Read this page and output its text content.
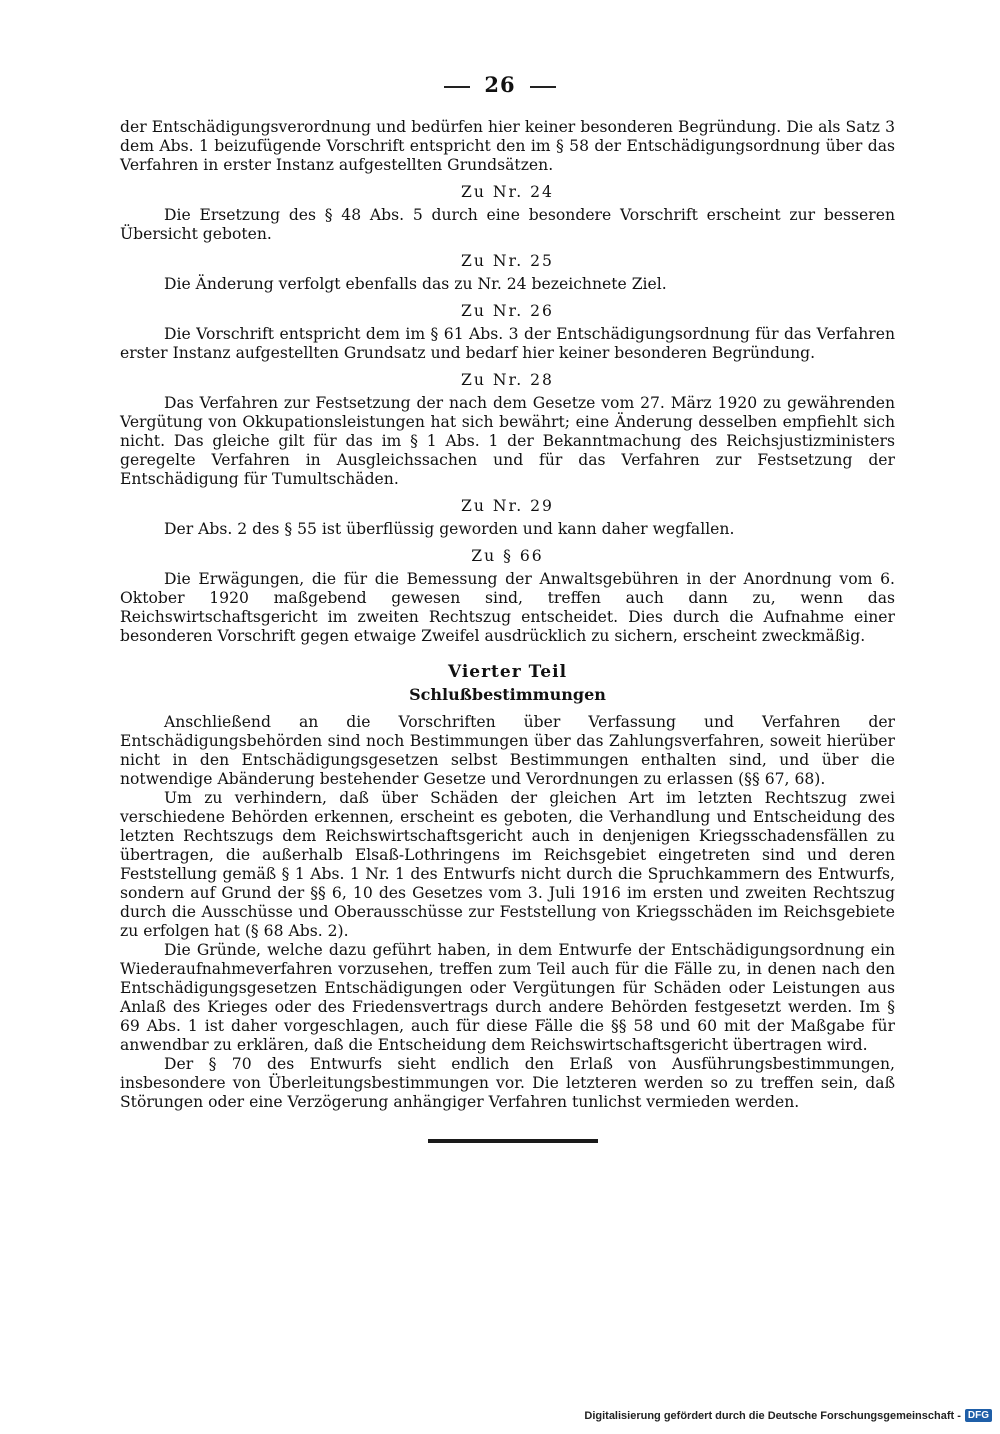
26

der Entschädigungsverordnung und bedürfen hier keiner besonderen Begründung. Die als Satz 3 dem Abs. 1 beizufügende Vorschrift entspricht den im § 58 der Entschädigungsordnung über das Verfahren in erster Instanz aufgestellten Grundsätzen.

Zu Nr. 24

Die Ersetzung des § 48 Abs. 5 durch eine besondere Vorschrift erscheint zur besseren Übersicht geboten.

Zu Nr. 25

Die Änderung verfolgt ebenfalls das zu Nr. 24 bezeichnete Ziel.

Zu Nr. 26

Die Vorschrift entspricht dem im § 61 Abs. 3 der Entschädigungsordnung für das Verfahren erster Instanz aufgestellten Grundsatz und bedarf hier keiner besonderen Begründung.

Zu Nr. 28

Das Verfahren zur Festsetzung der nach dem Gesetze vom 27. März 1920 zu gewährenden Vergütung von Okkupationsleistungen hat sich bewährt; eine Änderung desselben empfiehlt sich nicht. Das gleiche gilt für das im § 1 Abs. 1 der Bekanntmachung des Reichsjustizministers geregelte Verfahren in Ausgleichssachen und für das Verfahren zur Festsetzung der Entschädigung für Tumultschäden.

Zu Nr. 29

Der Abs. 2 des § 55 ist überflüssig geworden und kann daher wegfallen.

Zu § 66

Die Erwägungen, die für die Bemessung der Anwaltsgebühren in der Anordnung vom 6. Oktober 1920 maßgebend gewesen sind, treffen auch dann zu, wenn das Reichswirtschaftsgericht im zweiten Rechtszug entscheidet. Dies durch die Aufnahme einer besonderen Vorschrift gegen etwaige Zweifel ausdrücklich zu sichern, erscheint zweckmäßig.

Vierter Teil
Schlußbestimmungen

Anschließend an die Vorschriften über Verfassung und Verfahren der Entschädigungsbehörden sind noch Bestimmungen über das Zahlungsverfahren, soweit hierüber nicht in den Entschädigungsgesetzen selbst Bestimmungen enthalten sind, und über die notwendige Abänderung bestehender Gesetze und Verordnungen zu erlassen (§§ 67, 68).

Um zu verhindern, daß über Schäden der gleichen Art im letzten Rechtszug zwei verschiedene Behörden erkennen, erscheint es geboten, die Verhandlung und Entscheidung des letzten Rechtszugs dem Reichswirtschaftsgericht auch in denjenigen Kriegsschadensfällen zu übertragen, die außerhalb Elsaß-Lothringens im Reichsgebiet eingetreten sind und deren Feststellung gemäß § 1 Abs. 1 Nr. 1 des Entwurfs nicht durch die Spruchkammern des Entwurfs, sondern auf Grund der §§ 6, 10 des Gesetzes vom 3. Juli 1916 im ersten und zweiten Rechtszug durch die Ausschüsse und Oberausschüsse zur Feststellung von Kriegsschäden im Reichsgebiete zu erfolgen hat (§ 68 Abs. 2).

Die Gründe, welche dazu geführt haben, in dem Entwurfe der Entschädigungsordnung ein Wiederaufnahmeverfahren vorzusehen, treffen zum Teil auch für die Fälle zu, in denen nach den Entschädigungsgesetzen Entschädigungen oder Vergütungen für Schäden oder Leistungen aus Anlaß des Krieges oder des Friedensvertrags durch andere Behörden festgesetzt werden. Im § 69 Abs. 1 ist daher vorgeschlagen, auch für diese Fälle die §§ 58 und 60 mit der Maßgabe für anwendbar zu erklären, daß die Entscheidung dem Reichswirtschaftsgericht übertragen wird.

Der § 70 des Entwurfs sieht endlich den Erlaß von Ausführungsbestimmungen, insbesondere von Überleitungsbestimmungen vor. Die letzteren werden so zu treffen sein, daß Störungen oder eine Verzögerung anhängiger Verfahren tunlichst vermieden werden.

Digitalisierung gefördert durch die Deutsche Forschungsgemeinschaft - DFG
